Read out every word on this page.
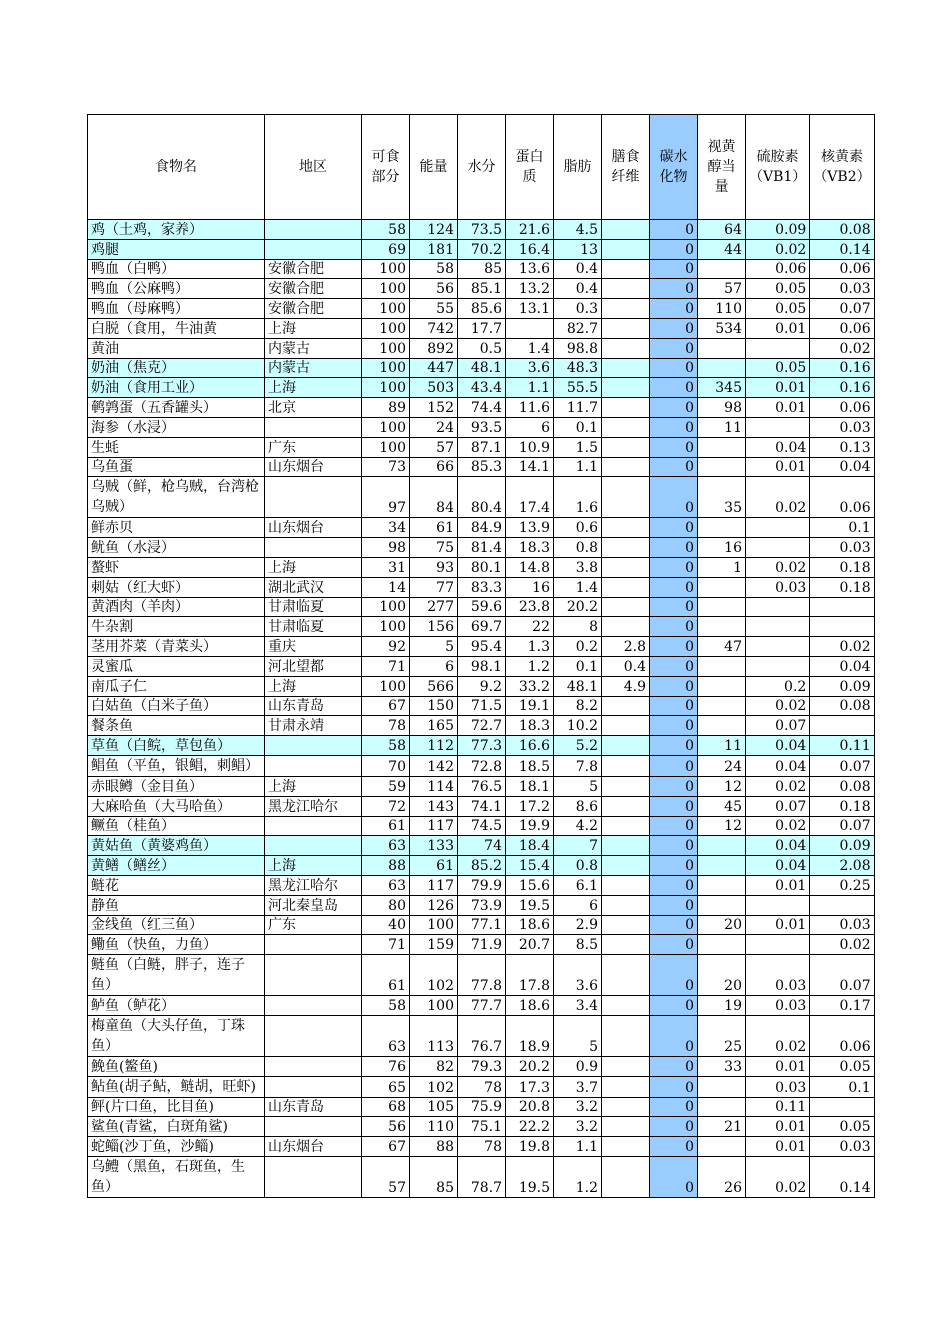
食物名	地区	可食部分	能量	水分	蛋白质	脂肪	膳食纤维	碳水化物	视黄醇当量	硫胺素（VB1）	核黄素（VB2）
鸡（土鸡，家养）		58	124	73.5	21.6	4.5		0	64	0.09	0.08
鸡腿		69	181	70.2	16.4	13		0	44	0.02	0.14
鸭血（白鸭）	安徽合肥	100	58	85	13.6	0.4		0		0.06	0.06
鸭血（公麻鸭）	安徽合肥	100	56	85.1	13.2	0.4		0	57	0.05	0.03
鸭血（母麻鸭）	安徽合肥	100	55	85.6	13.1	0.3		0	110	0.05	0.07
白脱（食用，牛油黄	上海	100	742	17.7		82.7		0	534	0.01	0.06
黄油	内蒙古	100	892	0.5	1.4	98.8		0			0.02
奶油（焦克）	内蒙古	100	447	48.1	3.6	48.3		0		0.05	0.16
奶油（食用工业）	上海	100	503	43.4	1.1	55.5		0	345	0.01	0.16
鹌鹑蛋（五香罐头）	北京	89	152	74.4	11.6	11.7		0	98	0.01	0.06
海参（水浸）		100	24	93.5	6	0.1		0	11		0.03
生蚝	广东	100	57	87.1	10.9	1.5		0		0.04	0.13
乌鱼蛋	山东烟台	73	66	85.3	14.1	1.1		0		0.01	0.04
乌贼（鲜，枪乌贼，台湾枪乌贼）		97	84	80.4	17.4	1.6		0	35	0.02	0.06
鲜赤贝	山东烟台	34	61	84.9	13.9	0.6		0			0.1
鱿鱼（水浸）		98	75	81.4	18.3	0.8		0	16		0.03
螯虾	上海	31	93	80.1	14.8	3.8		0	1	0.02	0.18
刺姑（红大虾）	湖北武汉	14	77	83.3	16	1.4		0		0.03	0.18
黄酒肉（羊肉）	甘肃临夏	100	277	59.6	23.8	20.2		0			
牛杂割	甘肃临夏	100	156	69.7	22	8		0			
茎用芥菜（青菜头）	重庆	92	5	95.4	1.3	0.2	2.8	0	47		0.02
灵蜜瓜	河北望都	71	6	98.1	1.2	0.1	0.4	0			0.04
南瓜子仁	上海	100	566	9.2	33.2	48.1	4.9	0		0.2	0.09
白姑鱼（白米子鱼）	山东青岛	67	150	71.5	19.1	8.2		0		0.02	0.08
餐条鱼	甘肃永靖	78	165	72.7	18.3	10.2		0		0.07	
草鱼（白鲩，草包鱼）		58	112	77.3	16.6	5.2		0	11	0.04	0.11
鲳鱼（平鱼，银鲳，刺鲳）		70	142	72.8	18.5	7.8		0	24	0.04	0.07
赤眼鳟（金目鱼）	上海	59	114	76.5	18.1	5		0	12	0.02	0.08
大麻哈鱼（大马哈鱼）	黑龙江哈尔	72	143	74.1	17.2	8.6		0	45	0.07	0.18
鳜鱼（桂鱼）		61	117	74.5	19.9	4.2		0	12	0.02	0.07
黄姑鱼（黄婆鸡鱼）		63	133	74	18.4	7		0		0.04	0.09
黄鳝（鳝丝）	上海	88	61	85.2	15.4	0.8		0		0.04	2.08
鲢花	黑龙江哈尔	63	117	79.9	15.6	6.1		0		0.01	0.25
静鱼	河北秦皇岛	80	126	73.9	19.5	6		0			
金线鱼（红三鱼）	广东	40	100	77.1	18.6	2.9		0	20	0.01	0.03
鳓鱼（快鱼，力鱼）		71	159	71.9	20.7	8.5		0			0.02
鲢鱼（白鲢，胖子，连子鱼）		61	102	77.8	17.8	3.6		0	20	0.03	0.07
鲈鱼（鲈花）		58	100	77.7	18.6	3.4		0	19	0.03	0.17
梅童鱼（大头仔鱼，丁珠鱼）		63	113	76.7	18.9	5		0	25	0.02	0.06
鮸鱼(鳘鱼)		76	82	79.3	20.2	0.9		0	33	0.01	0.05
鲇鱼(胡子鲇，鲢胡，旺虾)		65	102	78	17.3	3.7		0		0.03	0.1
鲆(片口鱼，比目鱼)	山东青岛	68	105	75.9	20.8	3.2		0		0.11	
鲨鱼(青鲨，白斑角鲨)		56	110	75.1	22.2	3.2		0	21	0.01	0.05
蛇鲻(沙丁鱼，沙鲻)	山东烟台	67	88	78	19.8	1.1		0		0.01	0.03
乌鳢（黑鱼，石斑鱼，生鱼）		57	85	78.7	19.5	1.2		0	26	0.02	0.14
